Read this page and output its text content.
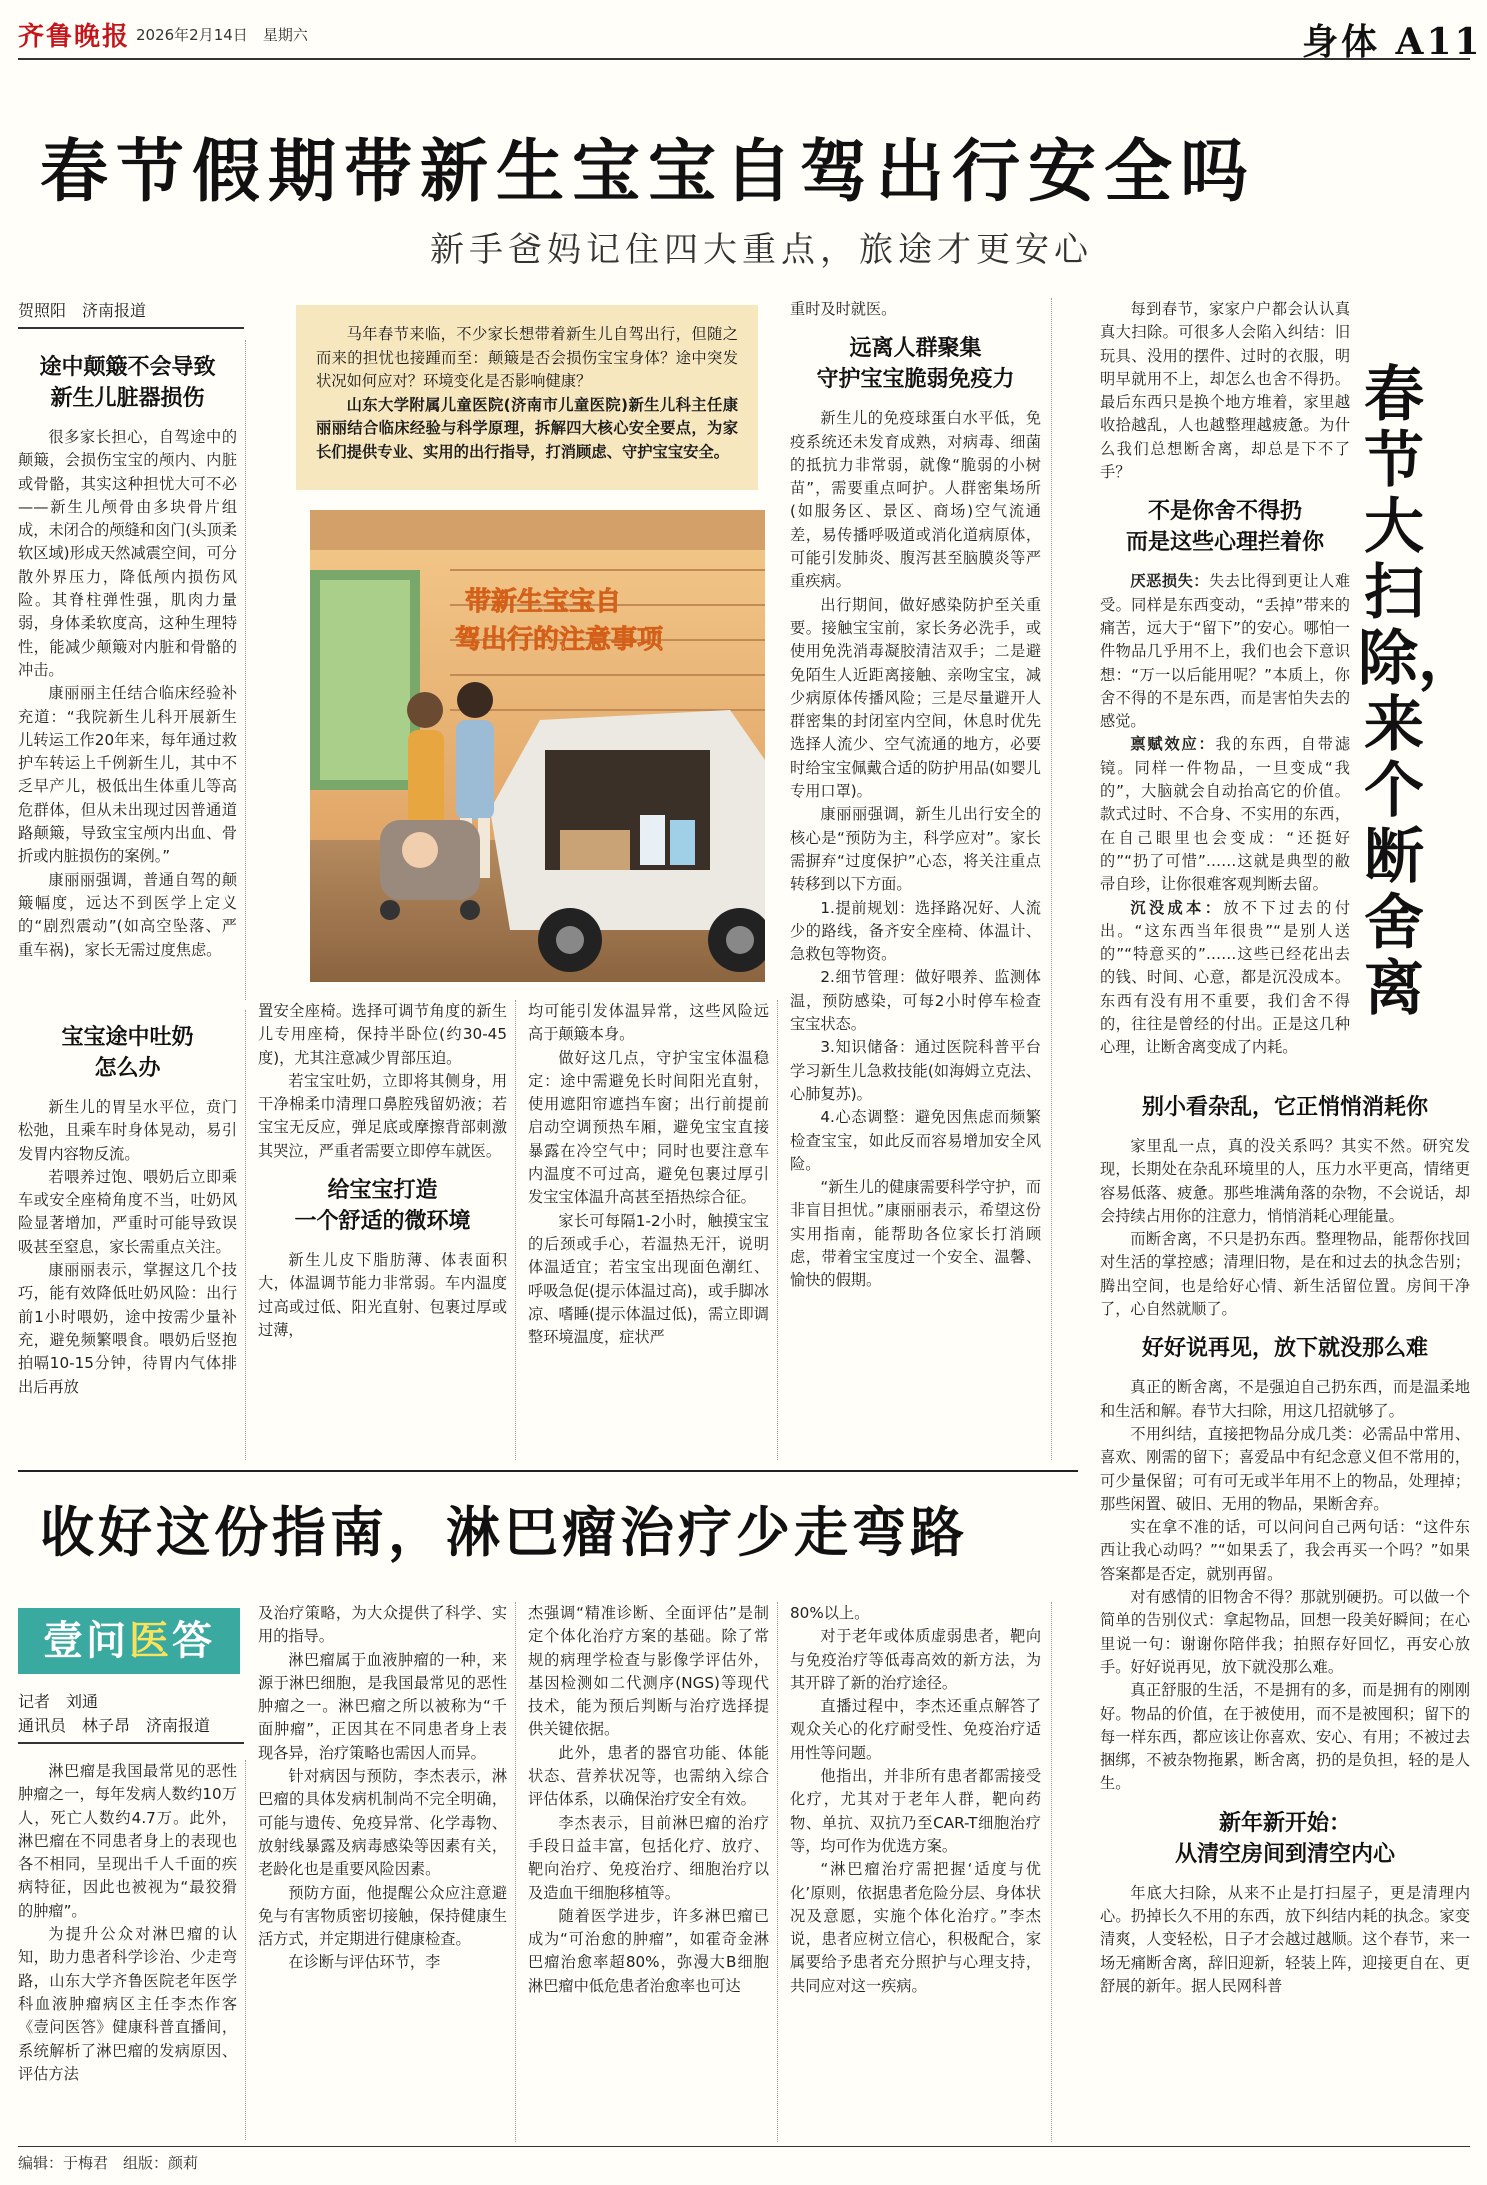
齐鲁晚报 2026年2月14日　 星期六	身体 A11
春节假期带新生宝宝自驾出行安全吗
新手爸妈记住四大重点，旅途才更安心
贺照阳　济南报道

马年春节来临，不少家长想带着新生儿自驾出行，但随之而来的担忧也接踵而至：颠簸是否会损伤宝宝身体？途中突发状况如何应对？环境变化是否影响健康？

山东大学附属儿童医院(济南市儿童医院)新生儿科主任康丽丽结合临床经验与科学原理，拆解四大核心安全要点，为家长们提供专业、实用的出行指导，打消顾虑、守护宝宝安全。

带新生宝宝自
驾出行的注意事项
途中颠簸不会导致
新生儿脏器损伤

很多家长担心，自驾途中的颠簸，会损伤宝宝的颅内、内脏或骨骼，其实这种担忧大可不必——新生儿颅骨由多块骨片组成，未闭合的颅缝和囟门(头顶柔软区域)形成天然减震空间，可分散外界压力，降低颅内损伤风险。其脊柱弹性强，肌肉力量弱，身体柔软度高，这种生理特性，能减少颠簸对内脏和骨骼的冲击。

康丽丽主任结合临床经验补充道：“我院新生儿科开展新生儿转运工作20年来，每年通过救护车转运上千例新生儿，其中不乏早产儿，极低出生体重儿等高危群体，但从未出现过因普通道路颠簸，导致宝宝颅内出血、骨折或内脏损伤的案例。”

康丽丽强调，普通自驾的颠簸幅度，远达不到医学上定义的“剧烈震动”(如高空坠落、严重车祸)，家长无需过度焦虑。

宝宝途中吐奶
怎么办

新生儿的胃呈水平位，贲门松弛，且乘车时身体晃动，易引发胃内容物反流。

若喂养过饱、喂奶后立即乘车或安全座椅角度不当，吐奶风险显著增加，严重时可能导致误吸甚至窒息，家长需重点关注。

康丽丽表示，掌握这几个技巧，能有效降低吐奶风险：出行前1小时喂奶，途中按需少量补充，避免频繁喂食。喂奶后竖抱拍嗝10-15分钟，待胃内气体排出后再放

置安全座椅。选择可调节角度的新生儿专用座椅，保持半卧位(约30-45度)，尤其注意减少胃部压迫。

若宝宝吐奶，立即将其侧身，用干净棉柔巾清理口鼻腔残留奶液；若宝宝无反应，弹足底或摩擦背部刺激其哭泣，严重者需要立即停车就医。

给宝宝打造
一个舒适的微环境

新生儿皮下脂肪薄、体表面积大，体温调节能力非常弱。车内温度过高或过低、阳光直射、包裹过厚或过薄，

均可能引发体温异常，这些风险远高于颠簸本身。

做好这几点，守护宝宝体温稳定：途中需避免长时间阳光直射，使用遮阳帘遮挡车窗；出行前提前启动空调预热车厢，避免宝宝直接暴露在冷空气中；同时也要注意车内温度不可过高，避免包裹过厚引发宝宝体温升高甚至捂热综合征。

家长可每隔1-2小时，触摸宝宝的后颈或手心，若温热无汗，说明体温适宜；若宝宝出现面色潮红、呼吸急促(提示体温过高)，或手脚冰凉、嗜睡(提示体温过低)，需立即调整环境温度，症状严

重时及时就医。

远离人群聚集
守护宝宝脆弱免疫力

新生儿的免疫球蛋白水平低，免疫系统还未发育成熟，对病毒、细菌的抵抗力非常弱，就像“脆弱的小树苗”，需要重点呵护。人群密集场所(如服务区、景区、商场)空气流通差，易传播呼吸道或消化道病原体，可能引发肺炎、腹泻甚至脑膜炎等严重疾病。

出行期间，做好感染防护至关重要。接触宝宝前，家长务必洗手，或使用免洗消毒凝胶清洁双手；二是避免陌生人近距离接触、亲吻宝宝，减少病原体传播风险；三是尽量避开人群密集的封闭室内空间，休息时优先选择人流少、空气流通的地方，必要时给宝宝佩戴合适的防护用品(如婴儿专用口罩)。

康丽丽强调，新生儿出行安全的核心是“预防为主，科学应对”。家长需摒弃“过度保护”心态，将关注重点转移到以下方面。

1.提前规划：选择路况好、人流少的路线，备齐安全座椅、体温计、急救包等物资。

2.细节管理：做好喂养、监测体温，预防感染，可每2小时停车检查宝宝状态。

3.知识储备：通过医院科普平台学习新生儿急救技能(如海姆立克法、心肺复苏)。

4.心态调整：避免因焦虑而频繁检查宝宝，如此反而容易增加安全风险。

“新生儿的健康需要科学守护，而非盲目担忧。”康丽丽表示，希望这份实用指南，能帮助各位家长打消顾虑，带着宝宝度过一个安全、温馨、愉快的假期。

收好这份指南，淋巴瘤治疗少走弯路
壹问医答
记者　刘通
通讯员　林子昂　济南报道

淋巴瘤是我国最常见的恶性肿瘤之一，每年发病人数约10万人，死亡人数约4.7万。此外，淋巴瘤在不同患者身上的表现也各不相同，呈现出千人千面的疾病特征，因此也被视为“最狡猾的肿瘤”。

为提升公众对淋巴瘤的认知，助力患者科学诊治、少走弯路，山东大学齐鲁医院老年医学科血液肿瘤病区主任李杰作客《壹问医答》健康科普直播间，系统解析了淋巴瘤的发病原因、评估方法

及治疗策略，为大众提供了科学、实用的指导。

淋巴瘤属于血液肿瘤的一种，来源于淋巴细胞，是我国最常见的恶性肿瘤之一。淋巴瘤之所以被称为“千面肿瘤”，正因其在不同患者身上表现各异，治疗策略也需因人而异。

针对病因与预防，李杰表示，淋巴瘤的具体发病机制尚不完全明确，可能与遗传、免疫异常、化学毒物、放射线暴露及病毒感染等因素有关，老龄化也是重要风险因素。

预防方面，他提醒公众应注意避免与有害物质密切接触，保持健康生活方式，并定期进行健康检查。

在诊断与评估环节，李

杰强调“精准诊断、全面评估”是制定个体化治疗方案的基础。除了常规的病理学检查与影像学评估外，基因检测如二代测序(NGS)等现代技术，能为预后判断与治疗选择提供关键依据。

此外，患者的器官功能、体能状态、营养状况等，也需纳入综合评估体系，以确保治疗安全有效。

李杰表示，目前淋巴瘤的治疗手段日益丰富，包括化疗、放疗、靶向治疗、免疫治疗、细胞治疗以及造血干细胞移植等。

随着医学进步，许多淋巴瘤已成为“可治愈的肿瘤”，如霍奇金淋巴瘤治愈率超80%，弥漫大B细胞淋巴瘤中低危患者治愈率也可达

80%以上。

对于老年或体质虚弱患者，靶向与免疫治疗等低毒高效的新方法，为其开辟了新的治疗途径。

直播过程中，李杰还重点解答了观众关心的化疗耐受性、免疫治疗适用性等问题。

他指出，并非所有患者都需接受化疗，尤其对于老年人群，靶向药物、单抗、双抗乃至CAR-T细胞治疗等，均可作为优选方案。

“淋巴瘤治疗需把握‘适度与优化’原则，依据患者危险分层、身体状况及意愿，实施个体化治疗。”李杰说，患者应树立信心，积极配合，家属要给予患者充分照护与心理支持，共同应对这一疾病。

春节大扫除，来个断舍离

每到春节，家家户户都会认认真真大扫除。可很多人会陷入纠结：旧玩具、没用的摆件、过时的衣服，明明早就用不上，却怎么也舍不得扔。最后东西只是换个地方堆着，家里越收拾越乱，人也越整理越疲惫。为什么我们总想断舍离，却总是下不了手？

不是你舍不得扔
而是这些心理拦着你

厌恶损失：失去比得到更让人难受。同样是东西变动，“丢掉”带来的痛苦，远大于“留下”的安心。哪怕一件物品几乎用不上，我们也会下意识想：“万一以后能用呢？”本质上，你舍不得的不是东西，而是害怕失去的感觉。

禀赋效应：我的东西，自带滤镜。同样一件物品，一旦变成“我的”，大脑就会自动抬高它的价值。款式过时、不合身、不实用的东西，在自己眼里也会变成：“还挺好的”“扔了可惜”……这就是典型的敝帚自珍，让你很难客观判断去留。

沉没成本：放不下过去的付出。“这东西当年很贵”“是别人送的”“特意买的”……这些已经花出去的钱、时间、心意，都是沉没成本。东西有没有用不重要，我们舍不得的，往往是曾经的付出。正是这几种心理，让断舍离变成了内耗。

别小看杂乱，它正悄悄消耗你

家里乱一点，真的没关系吗？其实不然。研究发现，长期处在杂乱环境里的人，压力水平更高，情绪更容易低落、疲惫。那些堆满角落的杂物，不会说话，却会持续占用你的注意力，悄悄消耗心理能量。

而断舍离，不只是扔东西。整理物品，能帮你找回对生活的掌控感；清理旧物，是在和过去的执念告别；腾出空间，也是给好心情、新生活留位置。房间干净了，心自然就顺了。

好好说再见，放下就没那么难

真正的断舍离，不是强迫自己扔东西，而是温柔地和生活和解。春节大扫除，用这几招就够了。

不用纠结，直接把物品分成几类：必需品中常用、喜欢、刚需的留下；喜爱品中有纪念意义但不常用的，可少量保留；可有可无或半年用不上的物品，处理掉；那些闲置、破旧、无用的物品，果断舍弃。

实在拿不准的话，可以问问自己两句话：“这件东西让我心动吗？”“如果丢了，我会再买一个吗？”如果答案都是否定，就别再留。

对有感情的旧物舍不得？那就别硬扔。可以做一个简单的告别仪式：拿起物品，回想一段美好瞬间；在心里说一句：谢谢你陪伴我；拍照存好回忆，再安心放手。好好说再见，放下就没那么难。

真正舒服的生活，不是拥有的多，而是拥有的刚刚好。物品的价值，在于被使用，而不是被囤积；留下的每一样东西，都应该让你喜欢、安心、有用；不被过去捆绑，不被杂物拖累，断舍离，扔的是负担，轻的是人生。

新年新开始：
从清空房间到清空内心

年底大扫除，从来不止是打扫屋子，更是清理内心。扔掉长久不用的东西，放下纠结内耗的执念。家变清爽，人变轻松，日子才会越过越顺。这个春节，来一场无痛断舍离，辞旧迎新，轻装上阵，迎接更自在、更舒展的新年。据人民网科普

编辑：于梅君　组版：颜莉
